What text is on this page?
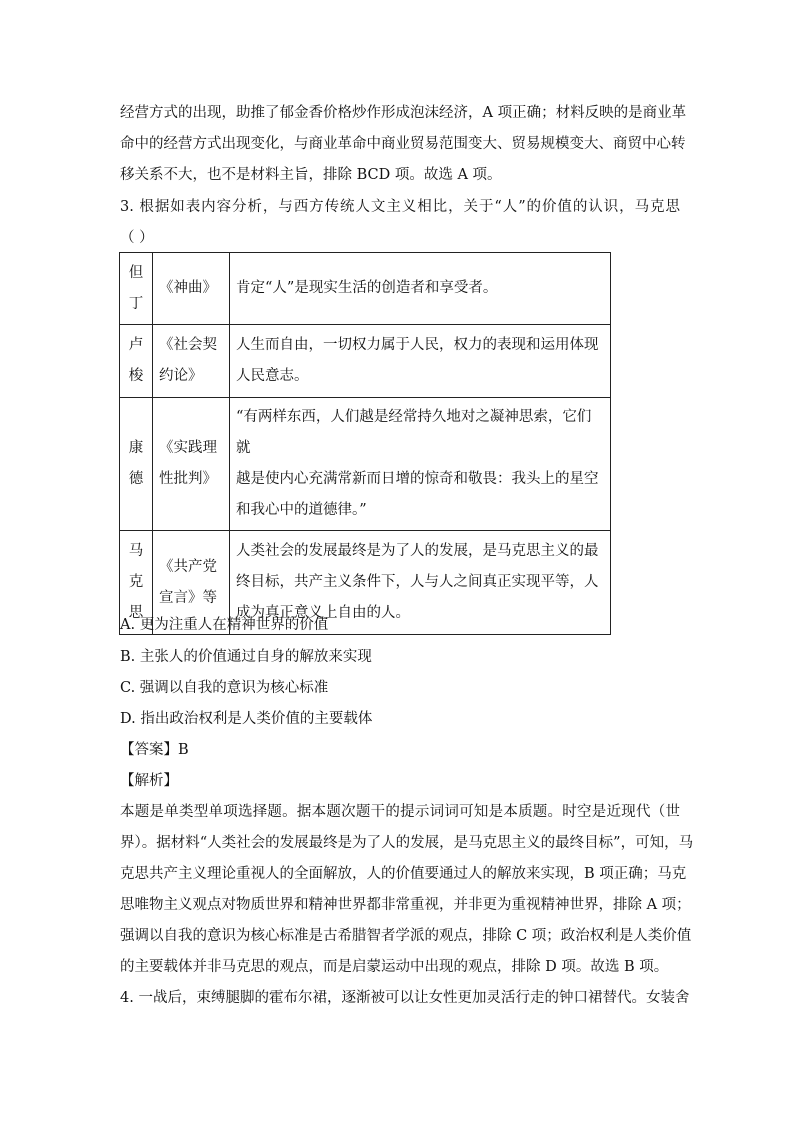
经营方式的出现，助推了郁金香价格炒作形成泡沫经济，A 项正确；材料反映的是商业革
命中的经营方式出现变化，与商业革命中商业贸易范围变大、贸易规模变大、商贸中心转
移关系不大，也不是材料主旨，排除 BCD 项。故选 A 项。
3. 根据如表内容分析，与西方传统人文主义相比，关于“人”的价值的认识，马克思
（ ）
但
丁	《神曲》	肯定“人”是现实生活的创造者和享受者。

卢
梭	《社会契
约论》	人生而自由，一切权力属于人民，权力的表现和运用体现
人民意志。

康
德	《实践理
性批判》	“有两样东西，人们越是经常持久地对之凝神思索，它们就
越是使内心充满常新而日增的惊奇和敬畏：我头上的星空
和我心中的道德律。”

马
克
思	《共产党
宣言》等	人类社会的发展最终是为了人的发展，是马克思主义的最
终目标，共产主义条件下，人与人之间真正实现平等，人
成为真正意义上自由的人。
A. 更为注重人在精神世界的价值
B. 主张人的价值通过自身的解放来实现
C. 强调以自我的意识为核心标准
D. 指出政治权利是人类价值的主要载体
【答案】B
【解析】
本题是单类型单项选择题。据本题次题干的提示词词可知是本质题。时空是近现代（世
界）。据材料“人类社会的发展最终是为了人的发展，是马克思主义的最终目标”，可知，马
克思共产主义理论重视人的全面解放，人的价值要通过人的解放来实现，B 项正确；马克
思唯物主义观点对物质世界和精神世界都非常重视，并非更为重视精神世界，排除 A 项；
强调以自我的意识为核心标准是古希腊智者学派的观点，排除 C 项；政治权利是人类价值
的主要载体并非马克思的观点，而是启蒙运动中出现的观点，排除 D 项。故选 B 项。
4. 一战后，束缚腿脚的霍布尔裙，逐渐被可以让女性更加灵活行走的钟口裙替代。女装舍
